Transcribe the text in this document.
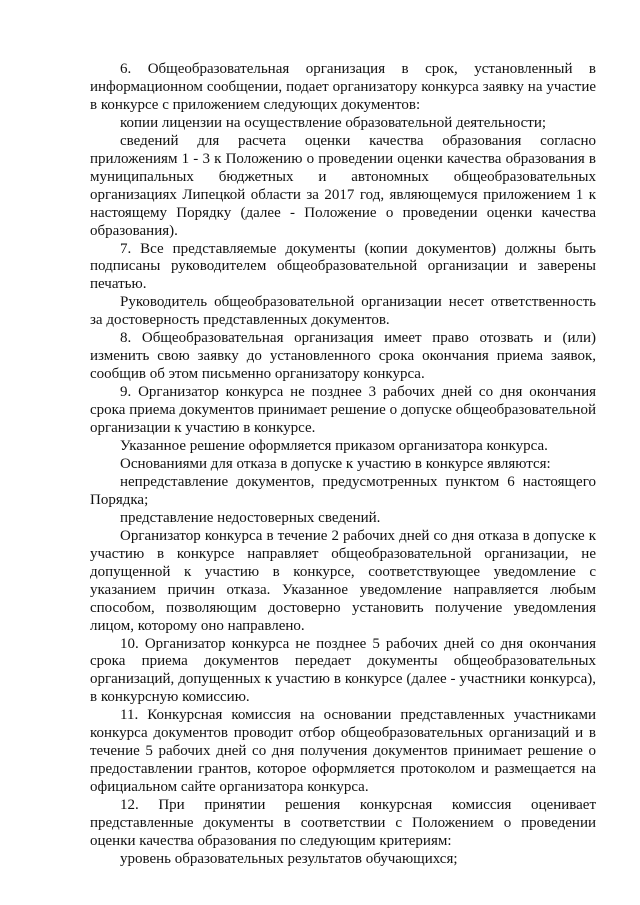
6. Общеобразовательная организация в срок, установленный в информационном сообщении, подает организатору конкурса заявку на участие в конкурсе с приложением следующих документов:

копии лицензии на осуществление образовательной деятельности;

сведений для расчета оценки качества образования согласно приложениям 1 - 3 к Положению о проведении оценки качества образования в муниципальных бюджетных и автономных общеобразовательных организациях Липецкой области за 2017 год, являющемуся приложением 1 к настоящему Порядку (далее - Положение о проведении оценки качества образования).

7. Все представляемые документы (копии документов) должны быть подписаны руководителем общеобразовательной организации и заверены печатью.

Руководитель общеобразовательной организации несет ответственность за достоверность представленных документов.

8. Общеобразовательная организация имеет право отозвать и (или) изменить свою заявку до установленного срока окончания приема заявок, сообщив об этом письменно организатору конкурса.

9. Организатор конкурса не позднее 3 рабочих дней со дня окончания срока приема документов принимает решение о допуске общеобразовательной организации к участию в конкурсе.

Указанное решение оформляется приказом организатора конкурса.

Основаниями для отказа в допуске к участию в конкурсе являются:

непредставление документов, предусмотренных пунктом 6 настоящего Порядка;

представление недостоверных сведений.

Организатор конкурса в течение 2 рабочих дней со дня отказа в допуске к участию в конкурсе направляет общеобразовательной организации, не допущенной к участию в конкурсе, соответствующее уведомление с указанием причин отказа. Указанное уведомление направляется любым способом, позволяющим достоверно установить получение уведомления лицом, которому оно направлено.

10. Организатор конкурса не позднее 5 рабочих дней со дня окончания срока приема документов передает документы общеобразовательных организаций, допущенных к участию в конкурсе (далее - участники конкурса), в конкурсную комиссию.

11. Конкурсная комиссия на основании представленных участниками конкурса документов проводит отбор общеобразовательных организаций и в течение 5 рабочих дней со дня получения документов принимает решение о предоставлении грантов, которое оформляется протоколом и размещается на официальном сайте организатора конкурса.

12. При принятии решения конкурсная комиссия оценивает представленные документы в соответствии с Положением о проведении оценки качества образования по следующим критериям:

уровень образовательных результатов обучающихся;
